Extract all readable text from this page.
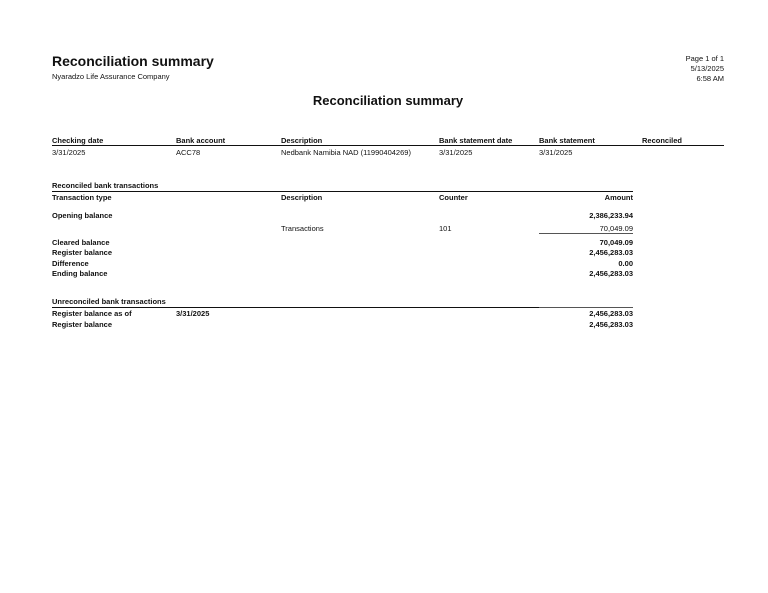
Reconciliation summary
Nyaradzo Life Assurance Company
Page 1 of 1
5/13/2025
6:58 AM
Reconciliation summary
Checking date	Bank account	Description	Bank statement date	Bank statement	Reconciled
3/31/2025	ACC78	Nedbank Namibia NAD (11990404269)	3/31/2025	3/31/2025
Reconciled bank transactions
Transaction type	Description	Counter	Amount
Opening balance	2,386,233.94
Transactions	101	70,049.09
Cleared balance	70,049.09
Register balance	2,456,283.03
Difference	0.00
Ending balance	2,456,283.03
Unreconciled bank transactions
Register balance as of	3/31/2025	2,456,283.03
Register balance	2,456,283.03
